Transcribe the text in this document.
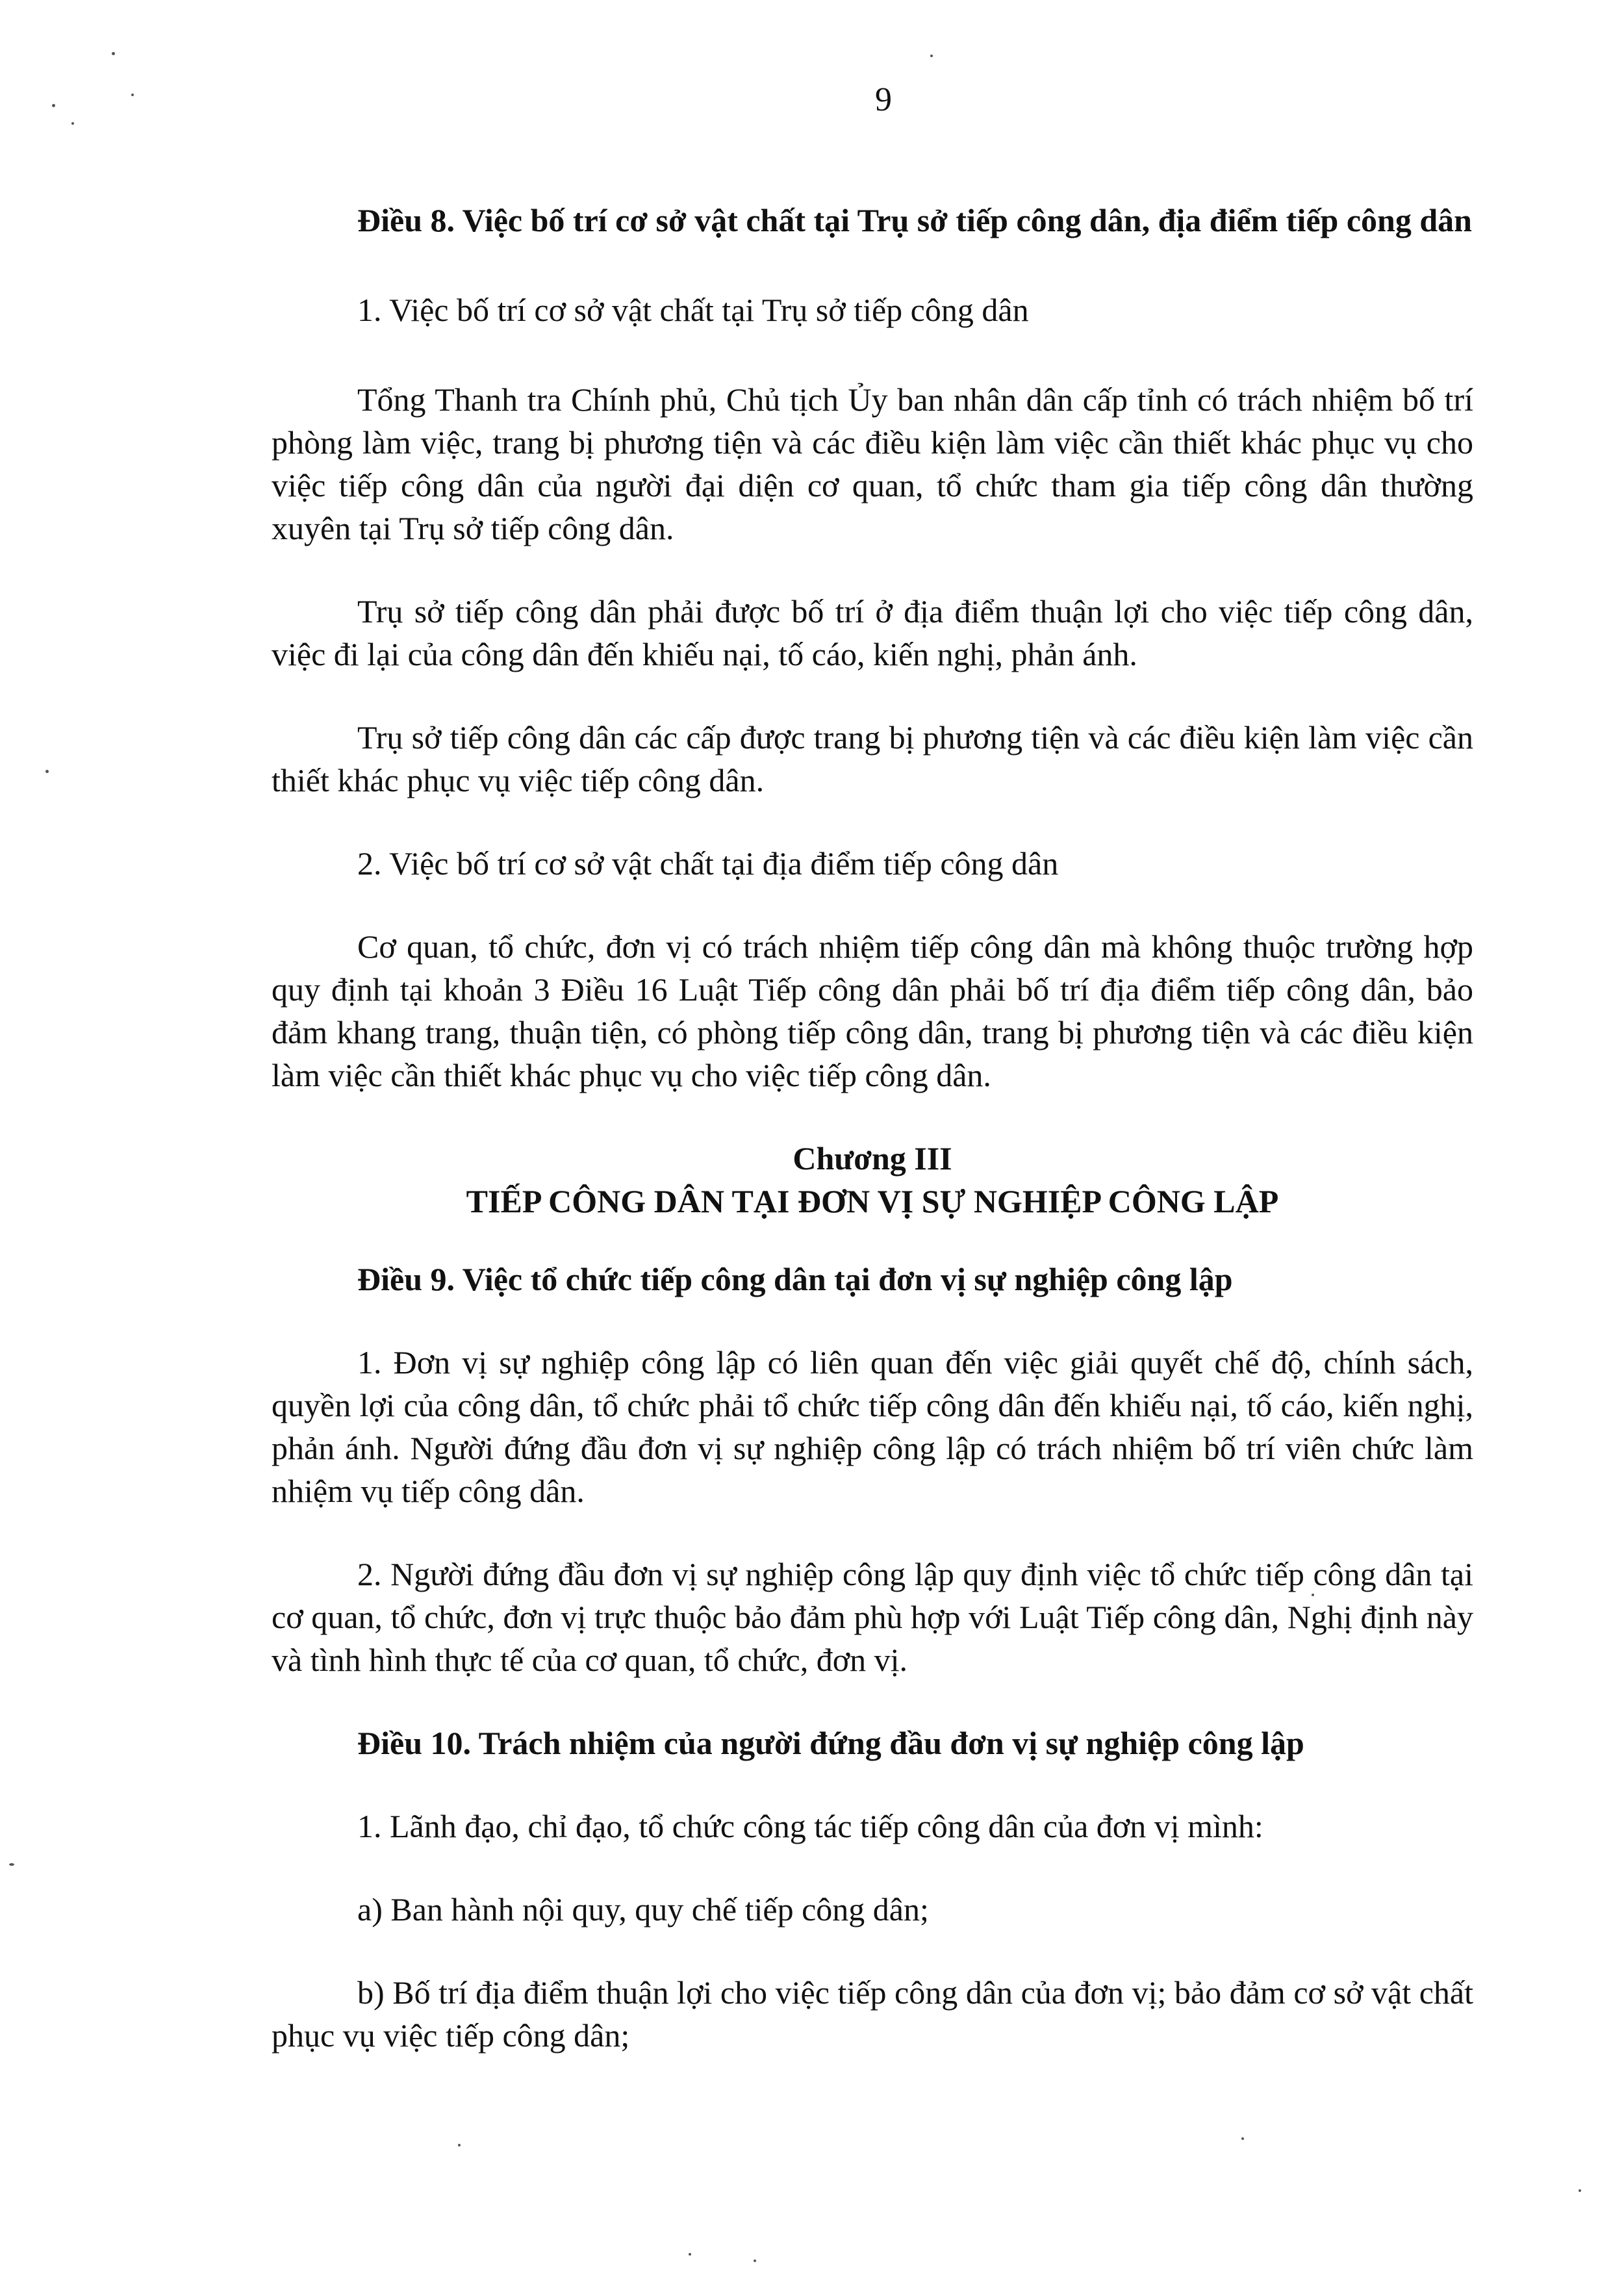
9

Điều 8. Việc bố trí cơ sở vật chất tại Trụ sở tiếp công dân, địa điểm tiếp công dân

1. Việc bố trí cơ sở vật chất tại Trụ sở tiếp công dân

Tổng Thanh tra Chính phủ, Chủ tịch Ủy ban nhân dân cấp tỉnh có trách nhiệm bố trí phòng làm việc, trang bị phương tiện và các điều kiện làm việc cần thiết khác phục vụ cho việc tiếp công dân của người đại diện cơ quan, tổ chức tham gia tiếp công dân thường xuyên tại Trụ sở tiếp công dân.

Trụ sở tiếp công dân phải được bố trí ở địa điểm thuận lợi cho việc tiếp công dân, việc đi lại của công dân đến khiếu nại, tố cáo, kiến nghị, phản ánh.

Trụ sở tiếp công dân các cấp được trang bị phương tiện và các điều kiện làm việc cần thiết khác phục vụ việc tiếp công dân.

2. Việc bố trí cơ sở vật chất tại địa điểm tiếp công dân

Cơ quan, tổ chức, đơn vị có trách nhiệm tiếp công dân mà không thuộc trường hợp quy định tại khoản 3 Điều 16 Luật Tiếp công dân phải bố trí địa điểm tiếp công dân, bảo đảm khang trang, thuận tiện, có phòng tiếp công dân, trang bị phương tiện và các điều kiện làm việc cần thiết khác phục vụ cho việc tiếp công dân.

Chương III

TIẾP CÔNG DÂN TẠI ĐƠN VỊ SỰ NGHIỆP CÔNG LẬP

Điều 9. Việc tổ chức tiếp công dân tại đơn vị sự nghiệp công lập

1. Đơn vị sự nghiệp công lập có liên quan đến việc giải quyết chế độ, chính sách, quyền lợi của công dân, tổ chức phải tổ chức tiếp công dân đến khiếu nại, tố cáo, kiến nghị, phản ánh. Người đứng đầu đơn vị sự nghiệp công lập có trách nhiệm bố trí viên chức làm nhiệm vụ tiếp công dân.

2. Người đứng đầu đơn vị sự nghiệp công lập quy định việc tổ chức tiếp công dân tại cơ quan, tổ chức, đơn vị trực thuộc bảo đảm phù hợp với Luật Tiếp công dân, Nghị định này và tình hình thực tế của cơ quan, tổ chức, đơn vị.

Điều 10. Trách nhiệm của người đứng đầu đơn vị sự nghiệp công lập

1. Lãnh đạo, chỉ đạo, tổ chức công tác tiếp công dân của đơn vị mình:

a) Ban hành nội quy, quy chế tiếp công dân;

b) Bố trí địa điểm thuận lợi cho việc tiếp công dân của đơn vị; bảo đảm cơ sở vật chất phục vụ việc tiếp công dân;
